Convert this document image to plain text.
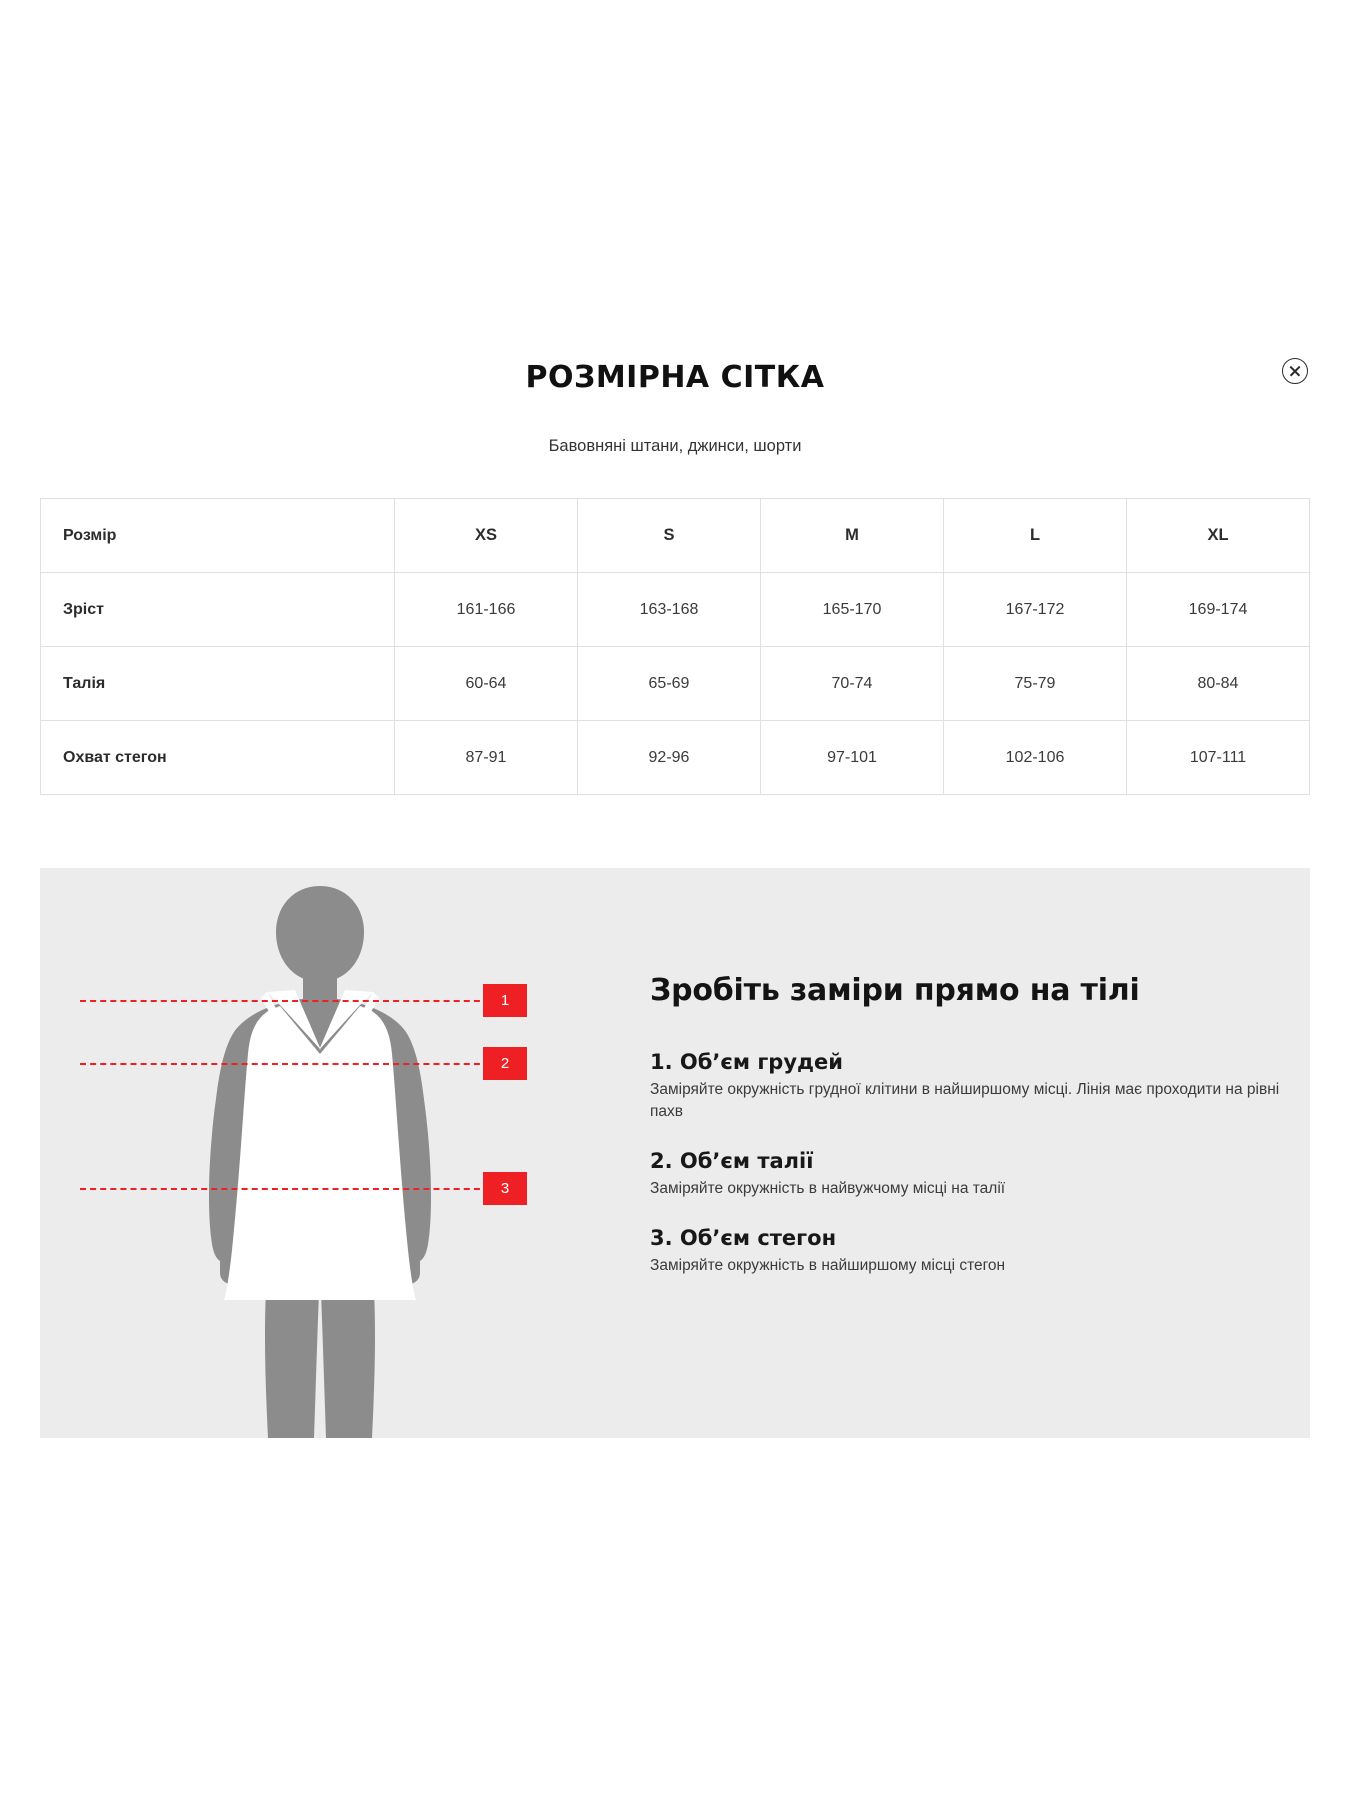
РОЗМІРНА СІТКА
Бавовняні штани, джинси, шорти
Розмір	XS	S	M	L	XL
Зріст	161-166	163-168	165-170	167-172	169-174
Талія	60-64	65-69	70-74	75-79	80-84
Охват стегон	87-91	92-96	97-101	102-106	107-111
1
2
3
Зробіть заміри прямо на тілі
1. Об’єм грудей

Заміряйте окружність грудної клітини в найширшому місці. Лінія має проходити на рівні пахв

2. Об’єм талії

Заміряйте окружність в найвужчому місці на талії

3. Об’єм стегон

Заміряйте окружність в найширшому місці стегон
